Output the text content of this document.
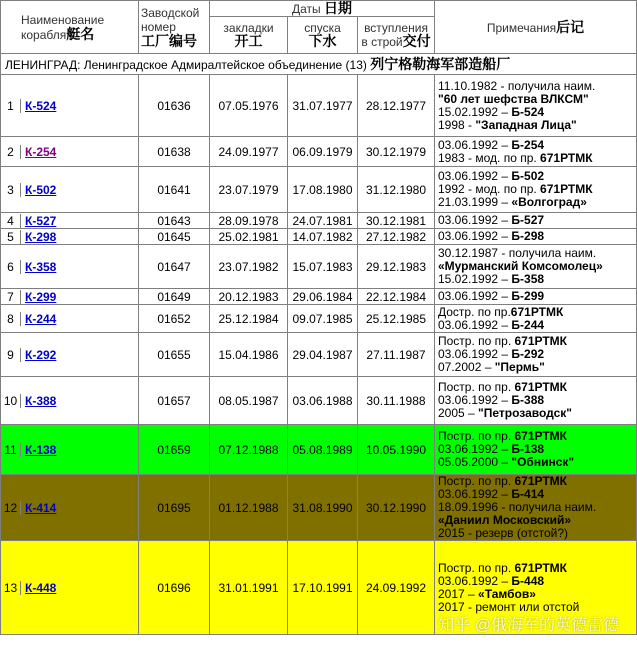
Наименование
корабля艇名	Заводской
номер
工厂编号	Даты 日期			Примечания后记
		закладки
开工	спуска
下水	вступления
в строй交付	
ЛЕНИНГРАД: Ленинградское Адмиралтейское объединение (13) 列宁格勒海军部造船厂					
1 К-524	01636	07.05.1976	31.07.1977	28.12.1977	11.10.1982 - получила наим.
"60 лет шефства ВЛКСМ"
15.02.1992 – Б-524
1998 - "Западная Лица"

2 К-254	01638	24.09.1977	06.09.1979	30.12.1979	03.06.1992 – Б-254
1983 - мод. по пр. 671РТМК

3 К-502	01641	23.07.1979	17.08.1980	31.12.1980	03.06.1992 – Б-502
1992 - мод. по пр. 671РТМК
21.03.1999 – «Волгоград»

4 К-527	01643	28.09.1978	24.07.1981	30.12.1981	03.06.1992 – Б-527

5 К-298	01645	25.02.1981	14.07.1982	27.12.1982	03.06.1992 – Б-298

6 К-358	01647	23.07.1982	15.07.1983	29.12.1983	30.12.1987 - получила наим.
«Мурманский Комсомолец»
15.02.1992 – Б-358

7 К-299	01649	20.12.1983	29.06.1984	22.12.1984	03.06.1992 – Б-299

8 К-244	01652	25.12.1984	09.07.1985	25.12.1985	Достр. по пр.671РТМК
03.06.1992 – Б-244

9 К-292	01655	15.04.1986	29.04.1987	27.11.1987	Постр. по пр. 671РТМК
03.06.1992 – Б-292
07.2002 – "Пермь"

10 К-388	01657	08.05.1987	03.06.1988	30.11.1988	Постр. по пр. 671РТМК
03.06.1992 – Б-388
2005 – "Петрозаводск"

11 К-138	01659	07.12.1988	05.08.1989	10.05.1990	Постр. по пр. 671РТМК
03.06.1992 – Б-138
05.05.2000 – "Обнинск"

12 К-414	01695	01.12.1988	31.08.1990	30.12.1990	Постр. по пр. 671РТМК
03.06.1992 – Б-414
18.09.1996 - получила наим.
«Даниил Московский»
2015 - резерв (отстой?)

13 К-448	01696	31.01.1991	17.10.1991	24.09.1992	Постр. по пр. 671РТМК
03.06.1992 – Б-448
2017 – «Тамбов»
2017 - ремонт или отстой
知乎 @俄海军的英德雷德
